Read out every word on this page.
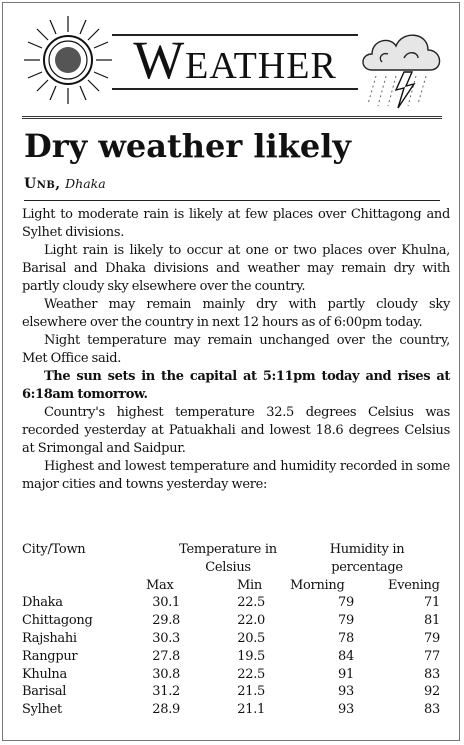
Weather
Dry weather likely
Unb, Dhaka

Light to moderate rain is likely at few places over Chittagong and Sylhet divisions.

Light rain is likely to occur at one or two places over Khulna, Barisal and Dhaka divisions and weather may remain dry with partly cloudy sky elsewhere over the country.

Weather may remain mainly dry with partly cloudy sky elsewhere over the country in next 12 hours as of 6:00pm today.

Night temperature may remain unchanged over the country, Met Office said.

The sun sets in the capital at 5:11pm today and rises at 6:18am tomorrow.

Country's highest temperature 32.5 degrees Celsius was recorded yesterday at Patuakhali and lowest 18.6 degrees Celsius at Srimongal and Saidpur.

Highest and lowest temperature and humidity recorded in some major cities and towns yesterday were:

City/Town	Temperature in	Humidity in
Celsius	percentage
Max	Min Morning	Evening
Dhaka	30.1	22.5	79	71
Chittagong	29.8	22.0	79	81
Rajshahi	30.3	20.5	78	79
Rangpur	27.8	19.5	84	77
Khulna	30.8	22.5	91	83
Barisal	31.2	21.5	93	92
Sylhet	28.9	21.1	93	83
